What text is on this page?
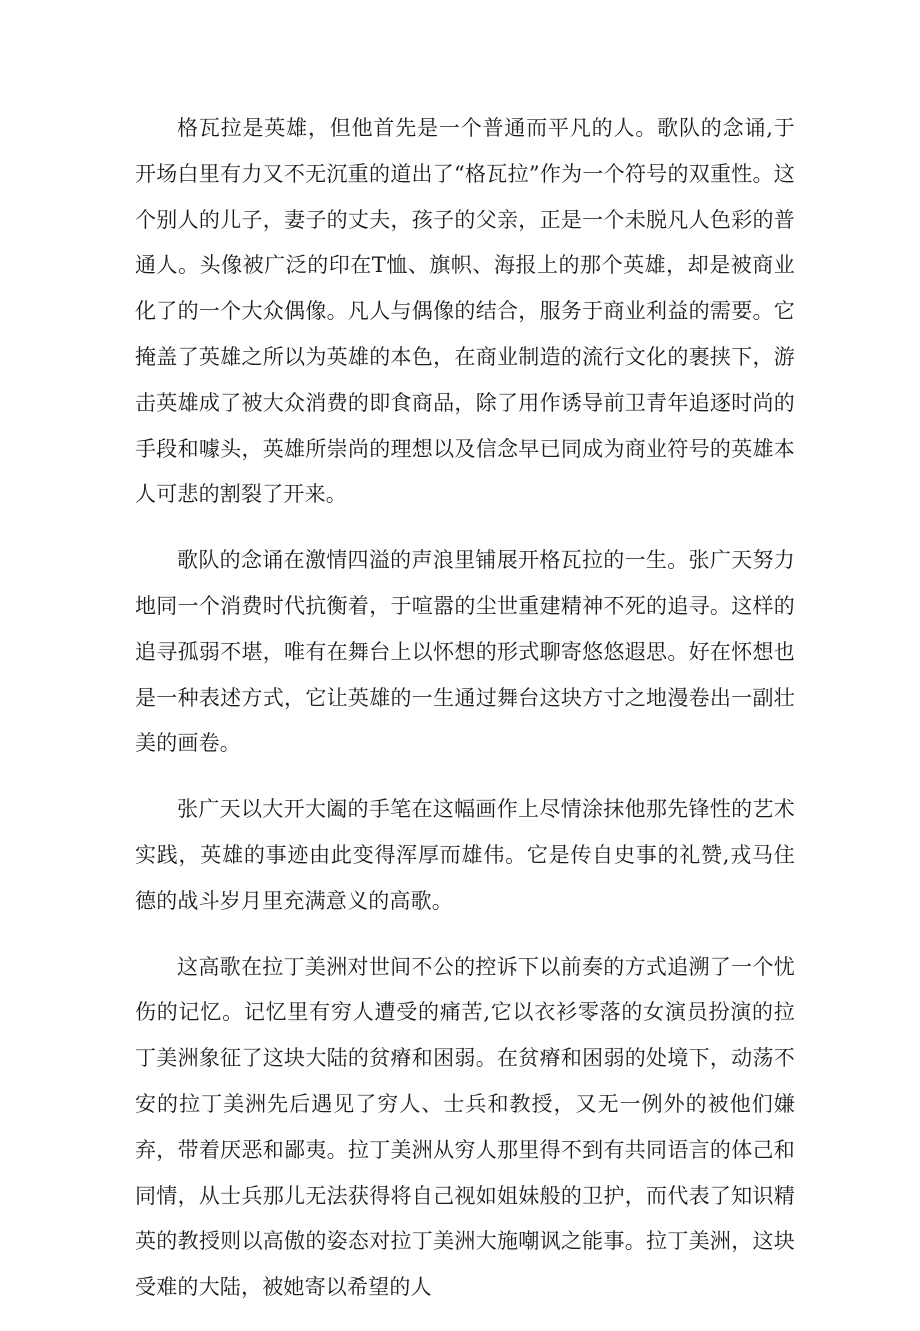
格瓦拉是英雄，但他首先是一个普通而平凡的人。歌队的念诵,于开场白里有力又不无沉重的道出了“格瓦拉”作为一个符号的双重性。这个别人的儿子，妻子的丈夫，孩子的父亲，正是一个未脱凡人色彩的普通人。头像被广泛的印在T恤、旗帜、海报上的那个英雄，却是被商业化了的一个大众偶像。凡人与偶像的结合，服务于商业利益的需要。它掩盖了英雄之所以为英雄的本色，在商业制造的流行文化的裹挟下，游击英雄成了被大众消费的即食商品，除了用作诱导前卫青年追逐时尚的手段和噱头，英雄所崇尚的理想以及信念早已同成为商业符号的英雄本人可悲的割裂了开来。

歌队的念诵在激情四溢的声浪里铺展开格瓦拉的一生。张广天努力地同一个消费时代抗衡着，于喧嚣的尘世重建精神不死的追寻。这样的追寻孤弱不堪，唯有在舞台上以怀想的形式聊寄悠悠遐思。好在怀想也是一种表述方式，它让英雄的一生通过舞台这块方寸之地漫卷出一副壮美的画卷。

张广天以大开大阖的手笔在这幅画作上尽情涂抹他那先锋性的艺术实践，英雄的事迹由此变得浑厚而雄伟。它是传自史事的礼赞,戎马住德的战斗岁月里充满意义的高歌。

这高歌在拉丁美洲对世间不公的控诉下以前奏的方式追溯了一个忧伤的记忆。记忆里有穷人遭受的痛苦,它以衣衫零落的女演员扮演的拉丁美洲象征了这块大陆的贫瘠和困弱。在贫瘠和困弱的处境下，动荡不安的拉丁美洲先后遇见了穷人、士兵和教授，又无一例外的被他们嫌弃，带着厌恶和鄙夷。拉丁美洲从穷人那里得不到有共同语言的体己和同情，从士兵那儿无法获得将自己视如姐妹般的卫护，而代表了知识精英的教授则以高傲的姿态对拉丁美洲大施嘲讽之能事。拉丁美洲，这块受难的大陆，被她寄以希望的人
